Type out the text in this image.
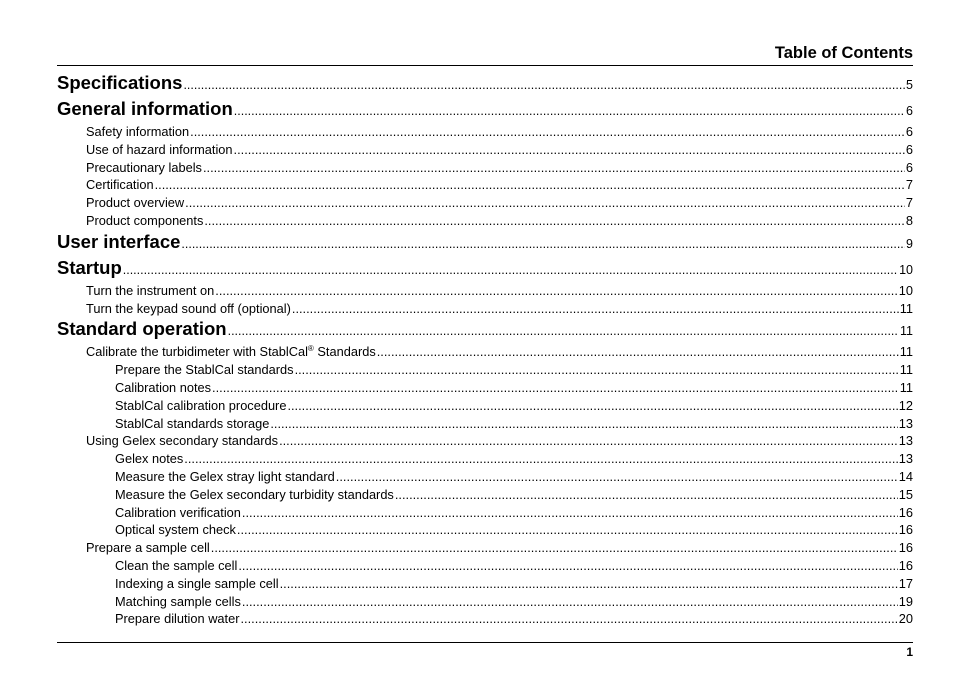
Table of Contents
Specifications .....	5
General information .....	6
Safety information .....	6
Use of hazard information .....	6
Precautionary labels .....	6
Certification .....	7
Product overview .....	7
Product components .....	8
User interface .....	9
Startup .....	10
Turn the instrument on .....	10
Turn the keypad sound off (optional) .....	11
Standard operation .....	11
Calibrate the turbidimeter with StablCal® Standards .....	11
Prepare the StablCal standards .....	11
Calibration notes .....	11
StablCal calibration procedure .....	12
StablCal standards storage .....	13
Using Gelex secondary standards .....	13
Gelex notes .....	13
Measure the Gelex stray light standard .....	14
Measure the Gelex secondary turbidity standards .....	15
Calibration verification .....	16
Optical system check .....	16
Prepare a sample cell .....	16
Clean the sample cell .....	16
Indexing a single sample cell .....	17
Matching sample cells .....	19
Prepare dilution water .....	20
1
